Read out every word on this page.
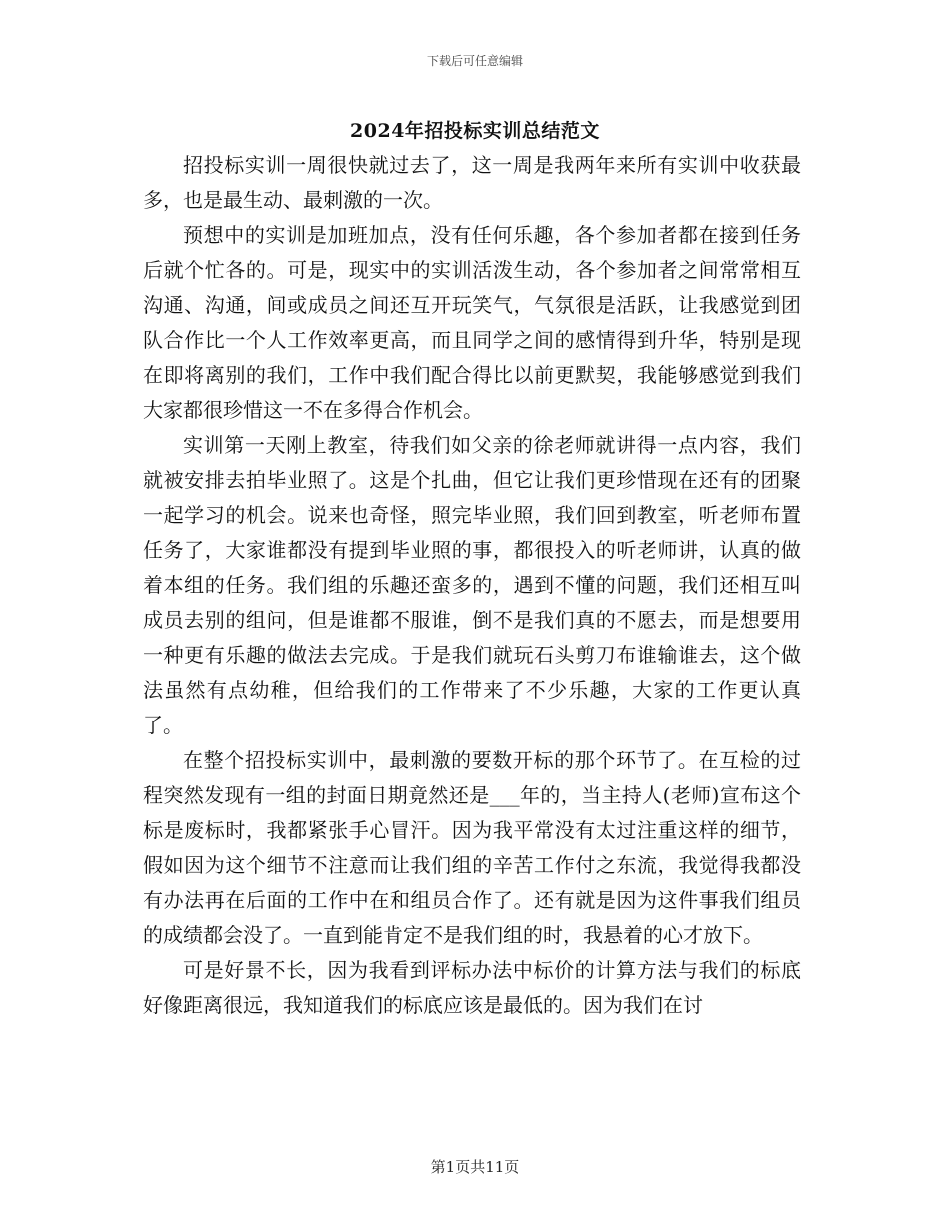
下载后可任意编辑
2024年招投标实训总结范文

招投标实训一周很快就过去了，这一周是我两年来所有实训中收获最多，也是最生动、最刺激的一次。

预想中的实训是加班加点，没有任何乐趣，各个参加者都在接到任务后就个忙各的。可是，现实中的实训活泼生动，各个参加者之间常常相互沟通、沟通，间或成员之间还互开玩笑气，气氛很是活跃，让我感觉到团队合作比一个人工作效率更高，而且同学之间的感情得到升华，特别是现在即将离别的我们，工作中我们配合得比以前更默契，我能够感觉到我们大家都很珍惜这一不在多得合作机会。

实训第一天刚上教室，待我们如父亲的徐老师就讲得一点内容，我们就被安排去拍毕业照了。这是个扎曲，但它让我们更珍惜现在还有的团聚一起学习的机会。说来也奇怪，照完毕业照，我们回到教室，听老师布置任务了，大家谁都没有提到毕业照的事，都很投入的听老师讲，认真的做着本组的任务。我们组的乐趣还蛮多的，遇到不懂的问题，我们还相互叫成员去别的组问，但是谁都不服谁，倒不是我们真的不愿去，而是想要用一种更有乐趣的做法去完成。于是我们就玩石头剪刀布谁输谁去，这个做法虽然有点幼稚，但给我们的工作带来了不少乐趣，大家的工作更认真了。

在整个招投标实训中，最刺激的要数开标的那个环节了。在互检的过程突然发现有一组的封面日期竟然还是___年的，当主持人(老师)宣布这个标是废标时，我都紧张手心冒汗。因为我平常没有太过注重这样的细节，假如因为这个细节不注意而让我们组的辛苦工作付之东流，我觉得我都没有办法再在后面的工作中在和组员合作了。还有就是因为这件事我们组员的成绩都会没了。一直到能肯定不是我们组的时，我悬着的心才放下。

可是好景不长，因为我看到评标办法中标价的计算方法与我们的标底好像距离很远，我知道我们的标底应该是最低的。因为我们在讨

第1页共11页
